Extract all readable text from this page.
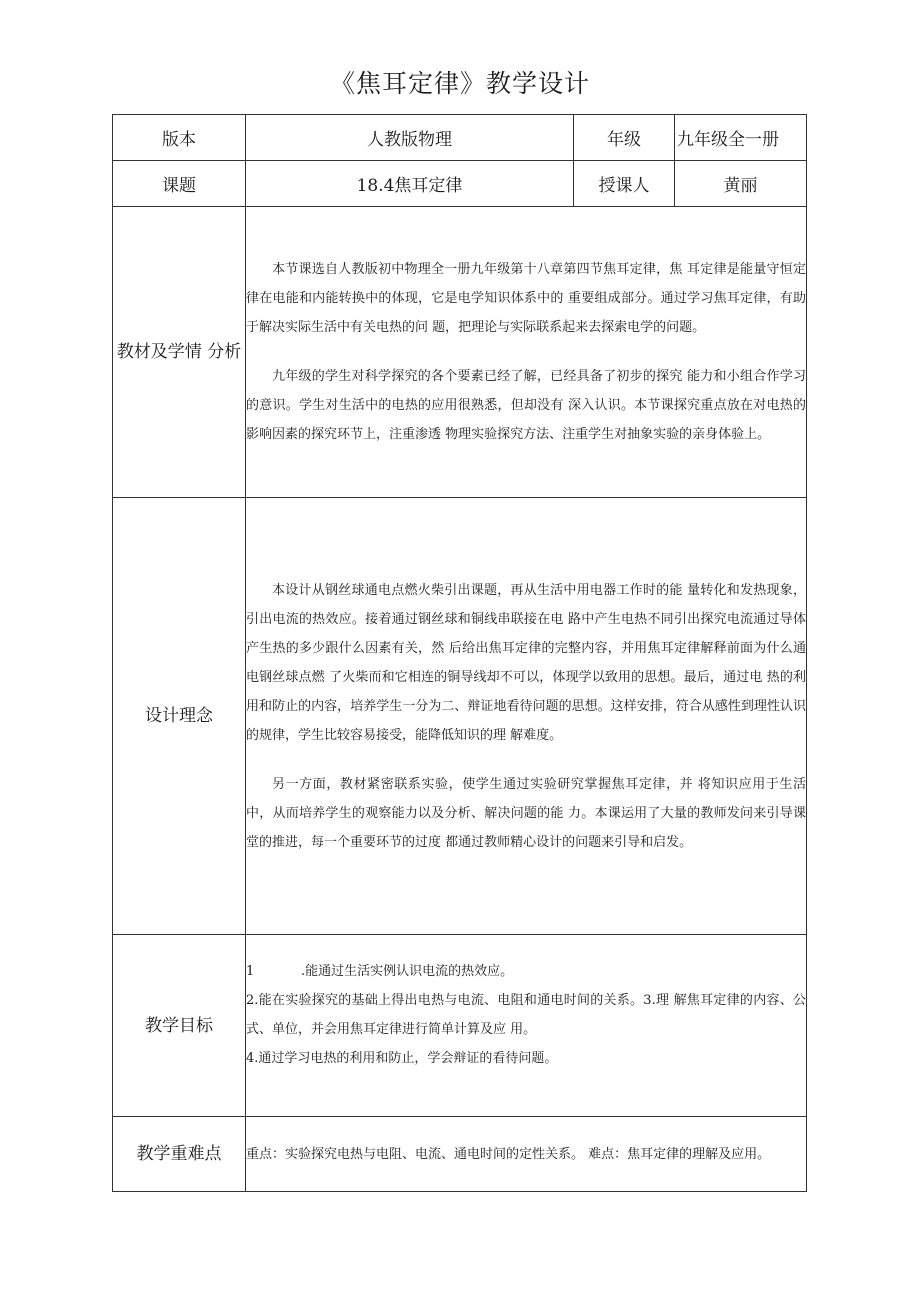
《焦耳定律》教学设计
版本	人教版物理	年级	九年级全一册
课题	18.4焦耳定律	授课人	黄丽
教材及学情 分析	本节课选自人教版初中物理全一册九年级第十八章第四节焦耳定律，焦 耳定律是能量守恒定律在电能和内能转换中的体现，它是电学知识体系中的 重要组成部分。通过学习焦耳定律，有助于解决实际生活中有关电热的问 题，把理论与实际联系起来去探索电学的问题。

九年级的学生对科学探究的各个要素已经了解，已经具备了初步的探究 能力和小组合作学习的意识。学生对生活中的电热的应用很熟悉，但却没有 深入认识。本节课探究重点放在对电热的影响因素的探究环节上，注重渗透 物理实验探究方法、注重学生对抽象实验的亲身体验上。		

设计理念	本设计从钢丝球通电点燃火柴引出课题，再从生活中用电器工作时的能 量转化和发热现象，引出电流的热效应。接着通过钢丝球和铜线串联接在电 路中产生电热不同引出探究电流通过导体产生热的多少跟什么因素有关，然 后给出焦耳定律的完整内容，并用焦耳定律解释前面为什么通电钢丝球点燃 了火柴而和它相连的铜导线却不可以，体现学以致用的思想。最后，通过电 热的利用和防止的内容，培养学生一分为二、辩证地看待问题的思想。这样安排，符合从感性到理性认识的规律，学生比较容易接受，能降低知识的理 解难度。

另一方面，教材紧密联系实验，使学生通过实验研究掌握焦耳定律，并 将知识应用于生活中，从而培养学生的观察能力以及分析、解决问题的能 力。本课运用了大量的教师发问来引导课堂的推进，每一个重要环节的过度 都通过教师精心设计的问题来引导和启发。		

教学目标	1 .能通过生活实例认识电流的热效应。

2.能在实验探究的基础上得出电热与电流、电阻和通电时间的关系。3.理 解焦耳定律的内容、公式、单位，并会用焦耳定律进行简单计算及应 用。

4.通过学习电热的利用和防止，学会辩证的看待问题。		

教学重难点	重点：实验探究电热与电阻、电流、通电时间的定性关系。 难点：焦耳定律的理解及应用。		
